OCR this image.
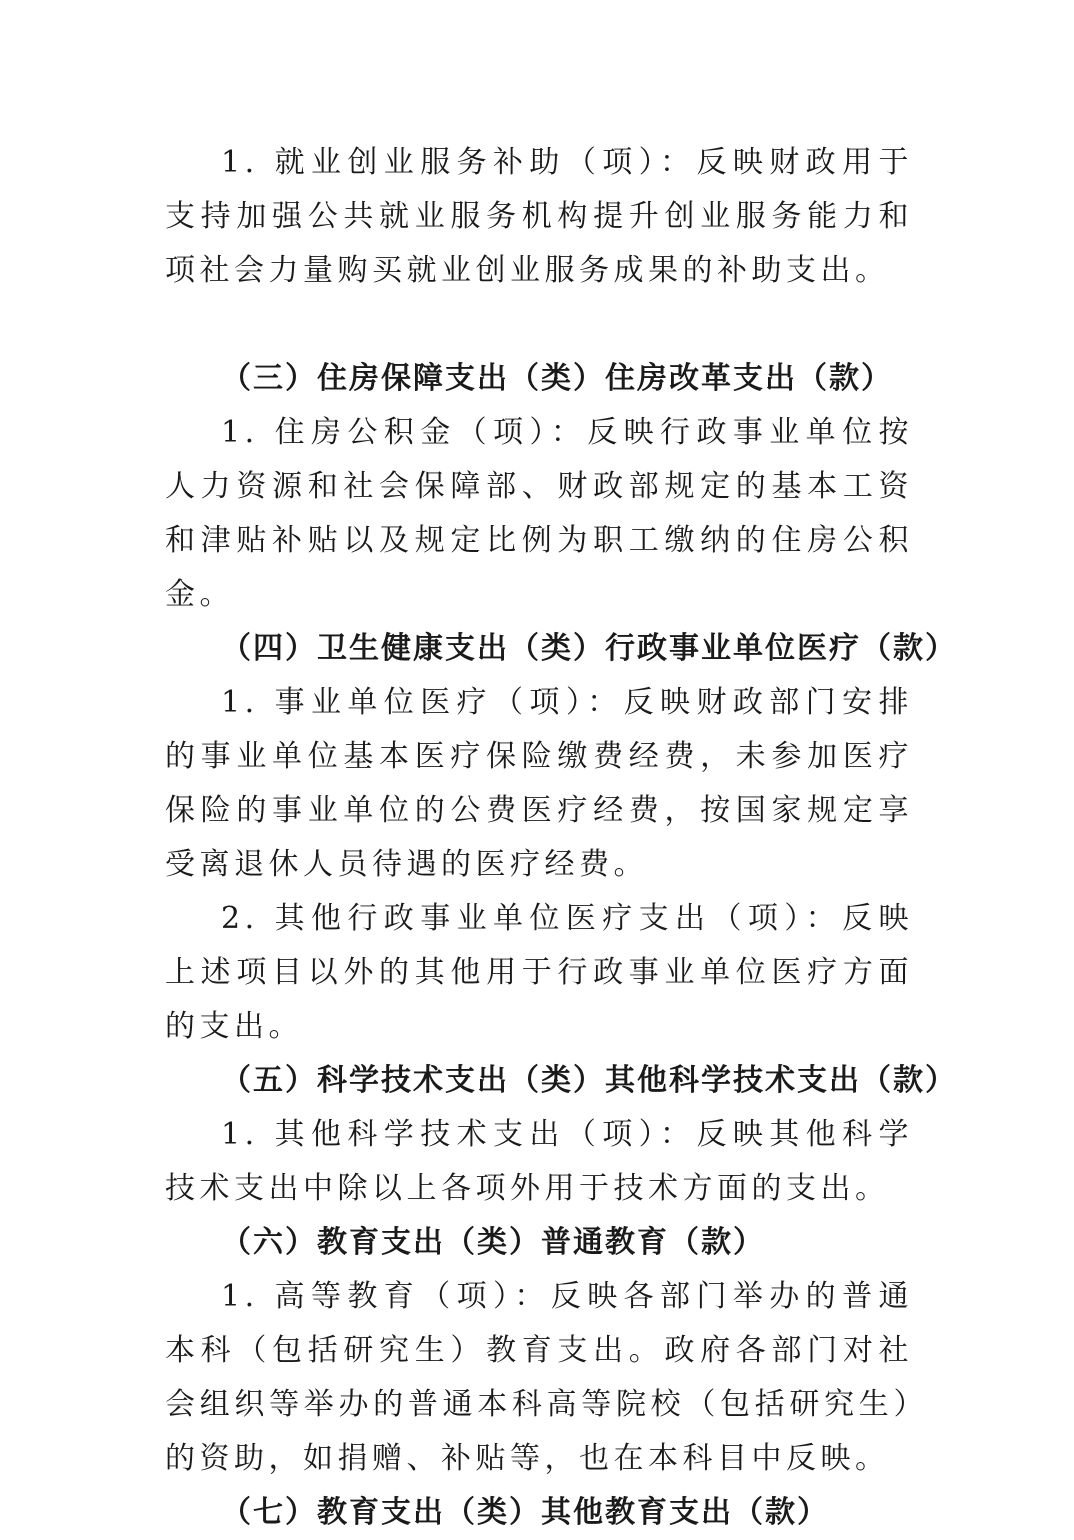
1. 就业创业服务补助（项）：反映财政用于支持加强公共就业服务机构提升创业服务能力和项社会力量购买就业创业服务成果的补助支出。

（三）住房保障支出（类）住房改革支出（款）

1. 住房公积金（项）：反映行政事业单位按人力资源和社会保障部、财政部规定的基本工资和津贴补贴以及规定比例为职工缴纳的住房公积金。

（四）卫生健康支出（类）行政事业单位医疗（款）

1. 事业单位医疗（项）：反映财政部门安排的事业单位基本医疗保险缴费经费，未参加医疗保险的事业单位的公费医疗经费，按国家规定享受离退休人员待遇的医疗经费。

2. 其他行政事业单位医疗支出（项）：反映上述项目以外的其他用于行政事业单位医疗方面的支出。

（五）科学技术支出（类）其他科学技术支出（款）

1. 其他科学技术支出（项）：反映其他科学技术支出中除以上各项外用于技术方面的支出。

（六）教育支出（类）普通教育（款）

1. 高等教育（项）：反映各部门举办的普通本科（包括研究生）教育支出。政府各部门对社会组织等举办的普通本科高等院校（包括研究生）的资助，如捐赠、补贴等，也在本科目中反映。

（七）教育支出（类）其他教育支出（款）
